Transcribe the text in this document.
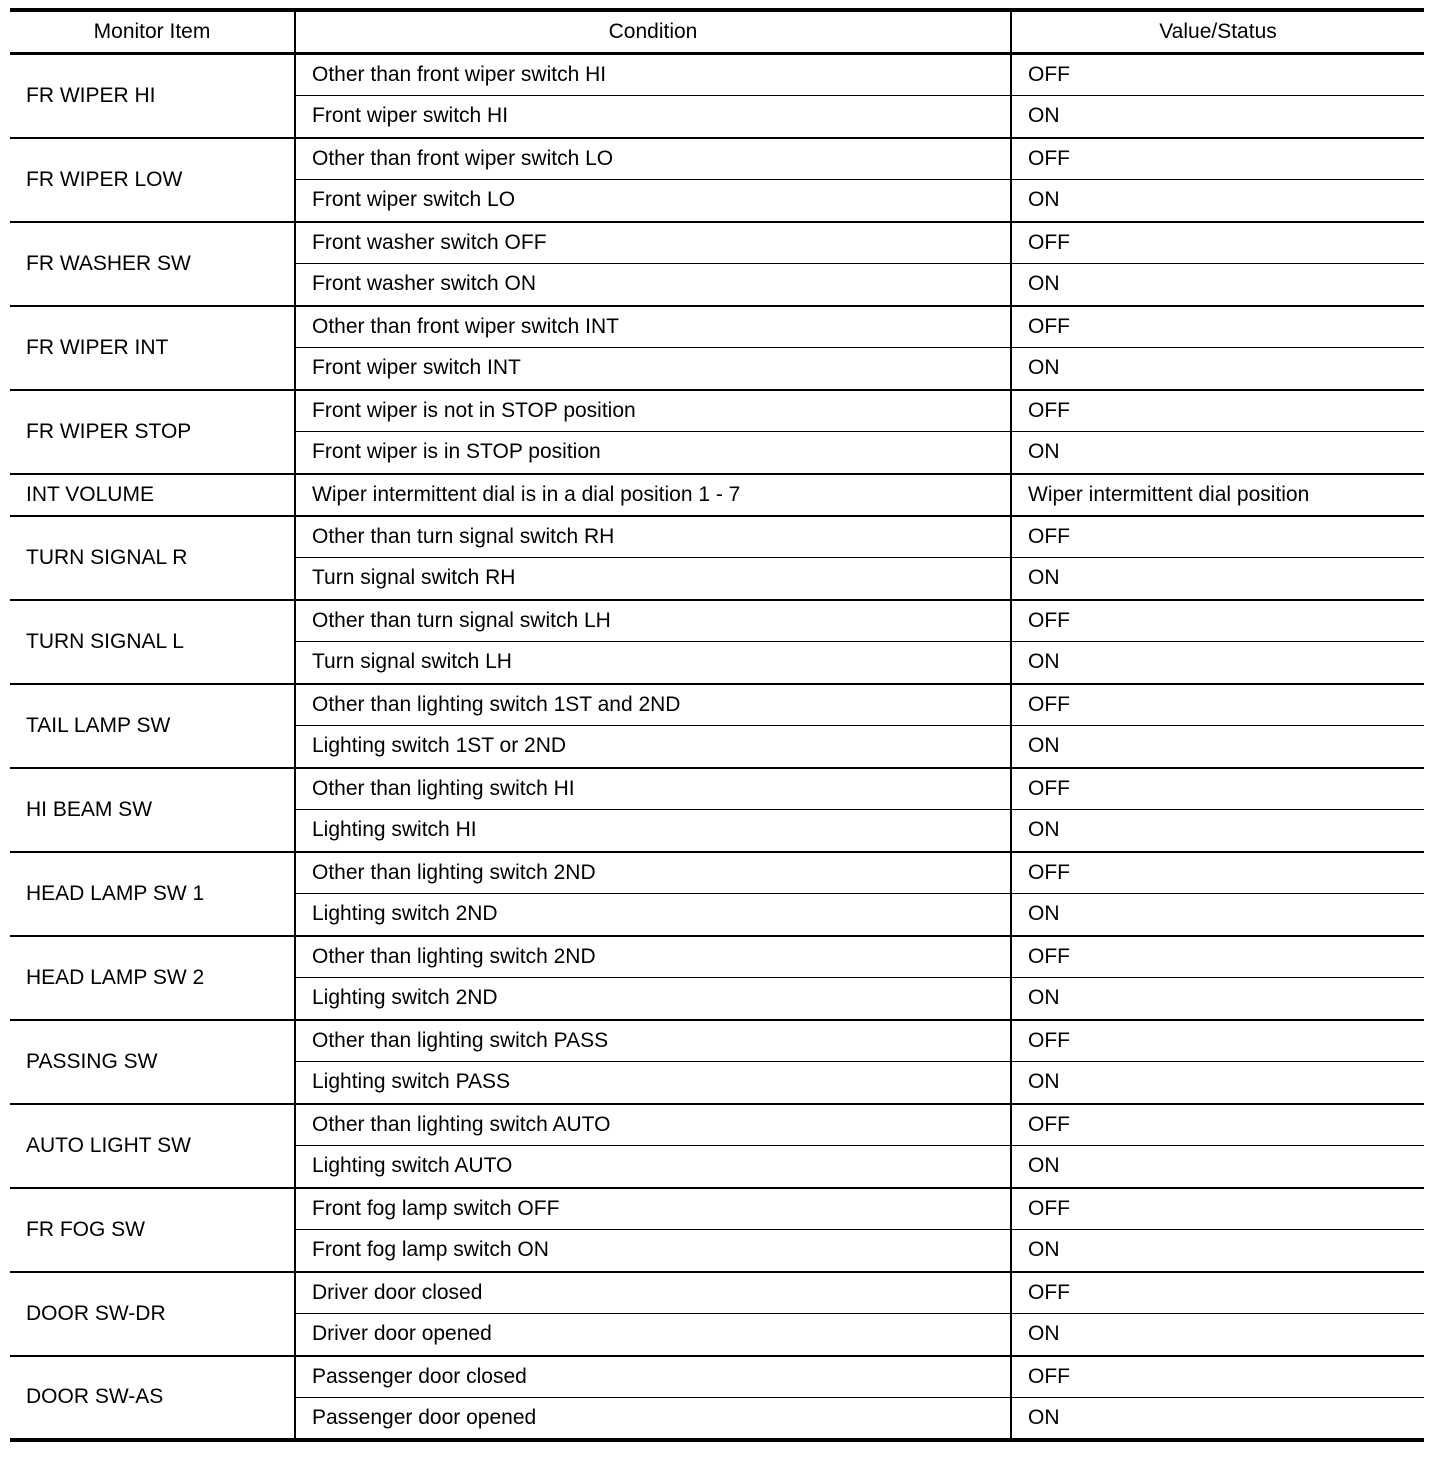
Monitor Item	Condition	Value/Status
FR WIPER HI	Other than front wiper switch HI	OFF
	Front wiper switch HI	ON
FR WIPER LOW	Other than front wiper switch LO	OFF
	Front wiper switch LO	ON
FR WASHER SW	Front washer switch OFF	OFF
	Front washer switch ON	ON
FR WIPER INT	Other than front wiper switch INT	OFF
	Front wiper switch INT	ON
FR WIPER STOP	Front wiper is not in STOP position	OFF
	Front wiper is in STOP position	ON
INT VOLUME	Wiper intermittent dial is in a dial position 1 - 7	Wiper intermittent dial position
TURN SIGNAL R	Other than turn signal switch RH	OFF
	Turn signal switch RH	ON
TURN SIGNAL L	Other than turn signal switch LH	OFF
	Turn signal switch LH	ON
TAIL LAMP SW	Other than lighting switch 1ST and 2ND	OFF
	Lighting switch 1ST or 2ND	ON
HI BEAM SW	Other than lighting switch HI	OFF
	Lighting switch HI	ON
HEAD LAMP SW 1	Other than lighting switch 2ND	OFF
	Lighting switch 2ND	ON
HEAD LAMP SW 2	Other than lighting switch 2ND	OFF
	Lighting switch 2ND	ON
PASSING SW	Other than lighting switch PASS	OFF
	Lighting switch PASS	ON
AUTO LIGHT SW	Other than lighting switch AUTO	OFF
	Lighting switch AUTO	ON
FR FOG SW	Front fog lamp switch OFF	OFF
	Front fog lamp switch ON	ON
DOOR SW-DR	Driver door closed	OFF
	Driver door opened	ON
DOOR SW-AS	Passenger door closed	OFF
	Passenger door opened	ON
